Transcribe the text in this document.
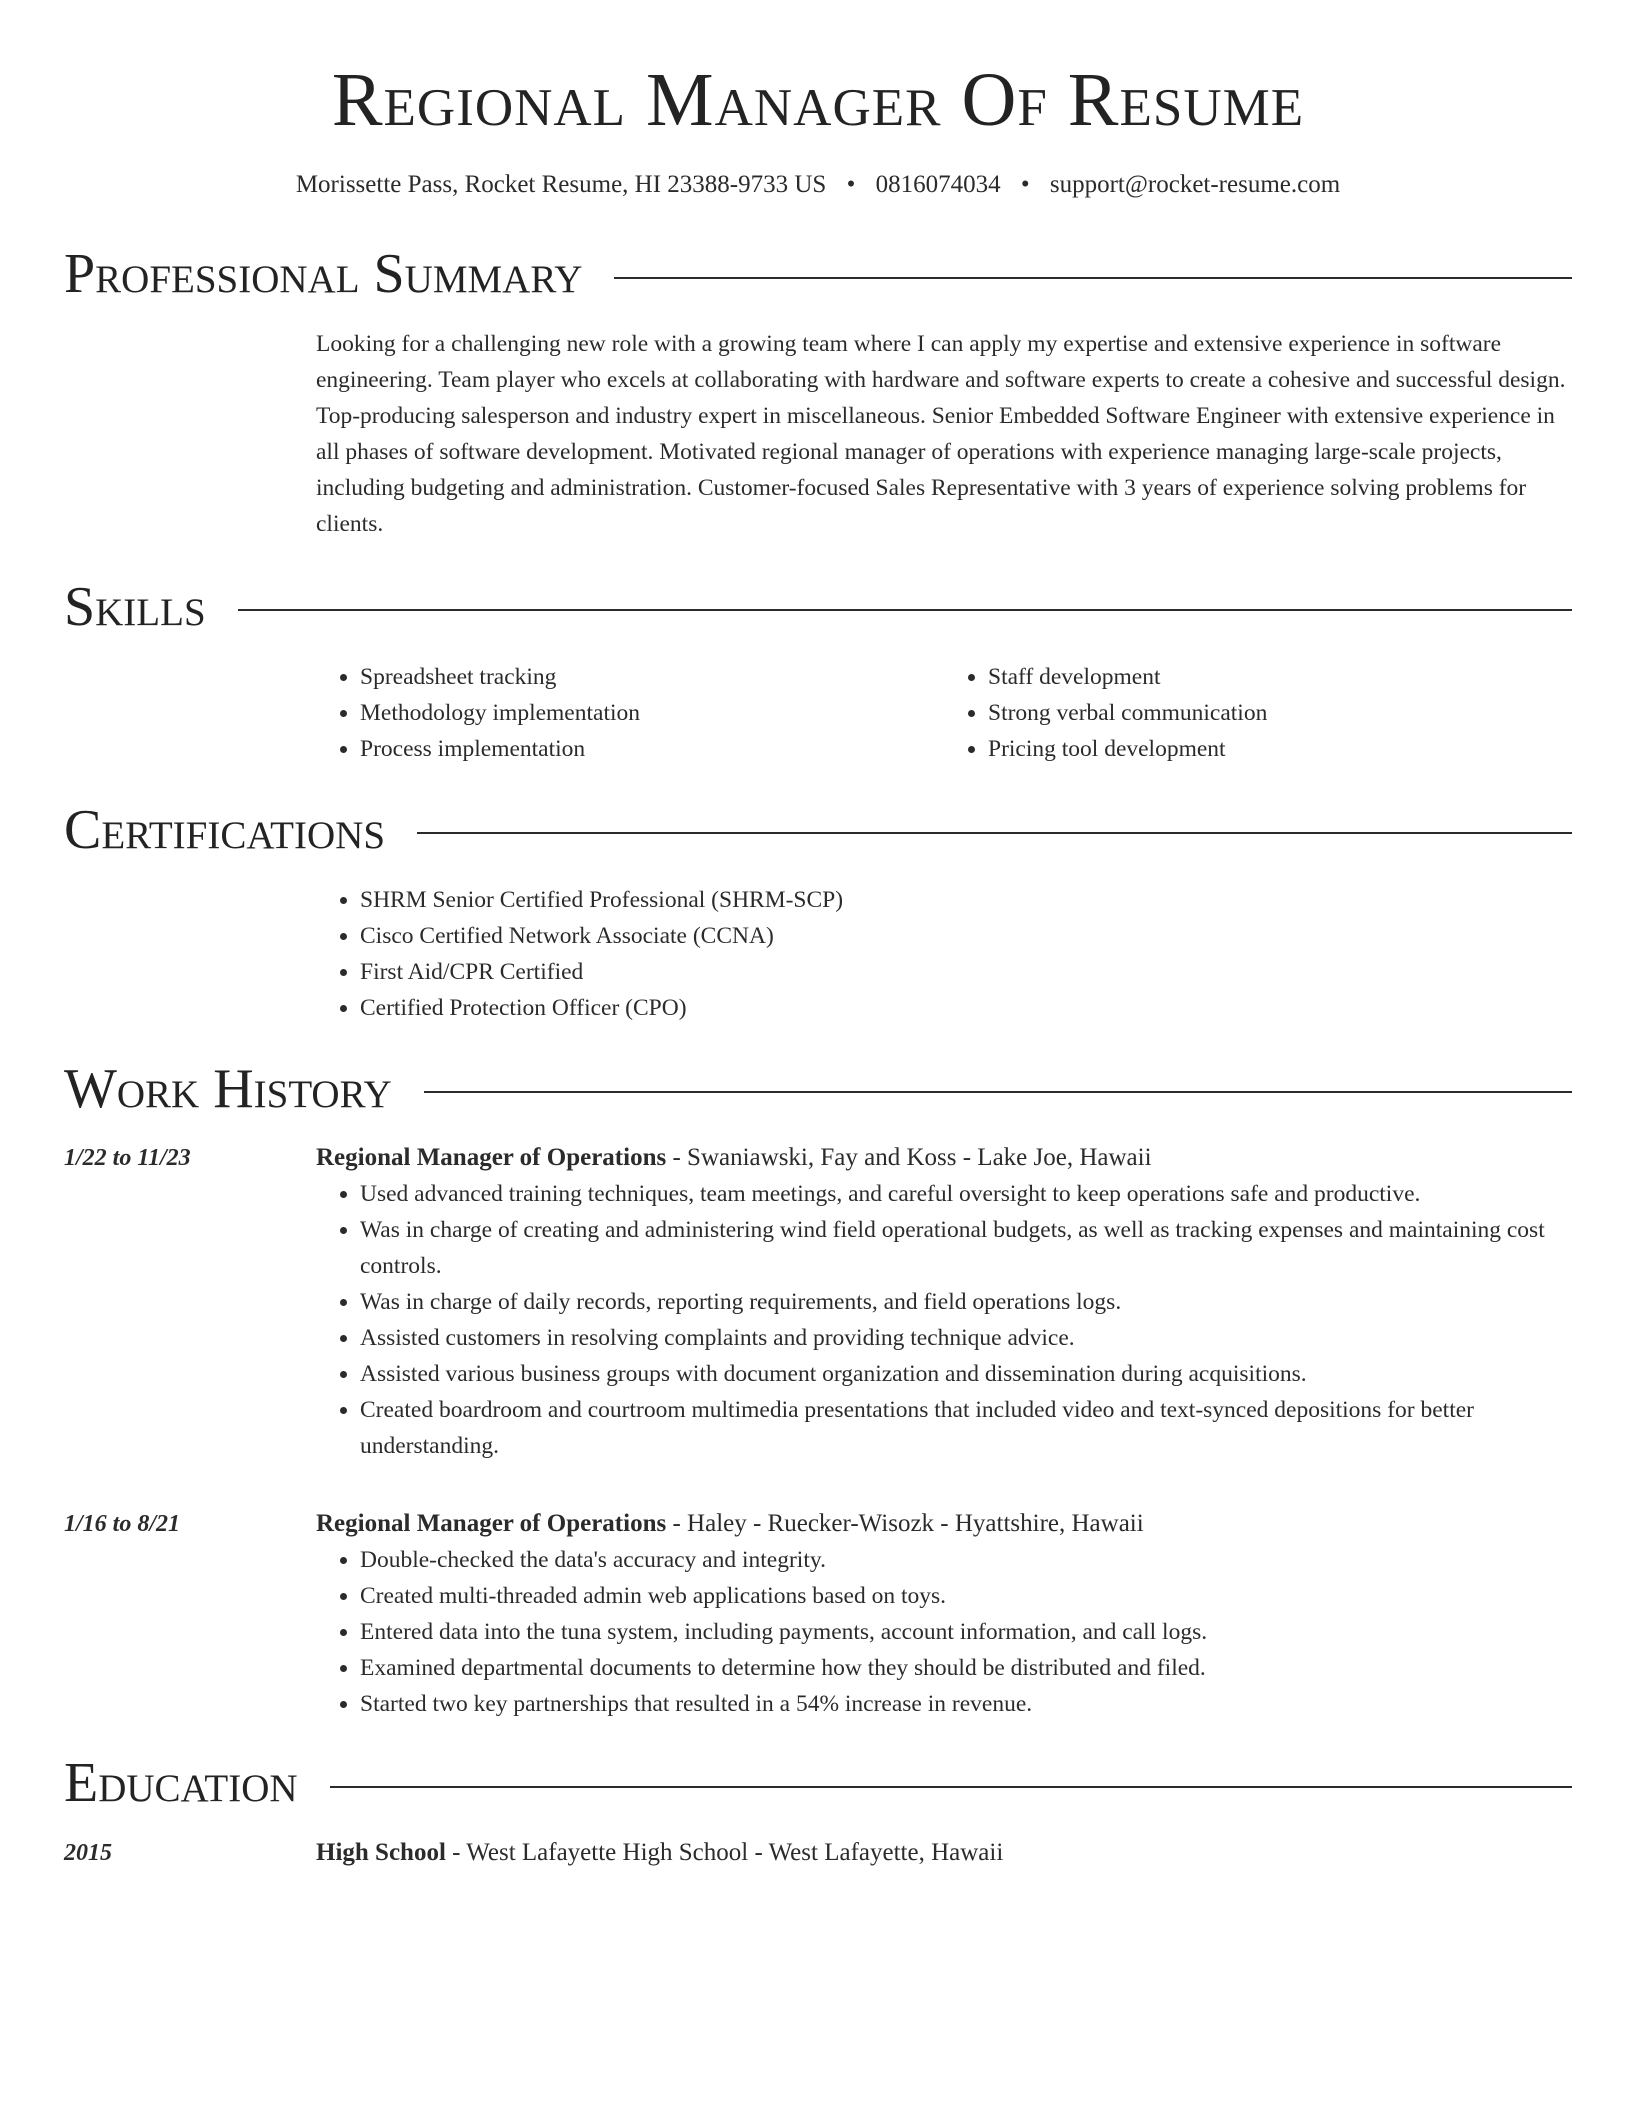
Regional Manager Of Resume
Morissette Pass, Rocket Resume, HI 23388-9733 US • 0816074034 • support@rocket-resume.com
Professional Summary
Looking for a challenging new role with a growing team where I can apply my expertise and extensive experience in software engineering. Team player who excels at collaborating with hardware and software experts to create a cohesive and successful design. Top-producing salesperson and industry expert in miscellaneous. Senior Embedded Software Engineer with extensive experience in all phases of software development. Motivated regional manager of operations with experience managing large-scale projects, including budgeting and administration. Customer-focused Sales Representative with 3 years of experience solving problems for clients.
Skills
• Spreadsheet tracking
• Methodology implementation
• Process implementation
• Staff development
• Strong verbal communication
• Pricing tool development
Certifications
• SHRM Senior Certified Professional (SHRM-SCP)
• Cisco Certified Network Associate (CCNA)
• First Aid/CPR Certified
• Certified Protection Officer (CPO)
Work History
1/22 to 11/23	Regional Manager of Operations - Swaniawski, Fay and Koss - Lake Joe, Hawaii
• Used advanced training techniques, team meetings, and careful oversight to keep operations safe and productive.
• Was in charge of creating and administering wind field operational budgets, as well as tracking expenses and maintaining cost controls.
• Was in charge of daily records, reporting requirements, and field operations logs.
• Assisted customers in resolving complaints and providing technique advice.
• Assisted various business groups with document organization and dissemination during acquisitions.
• Created boardroom and courtroom multimedia presentations that included video and text-synced depositions for better understanding.
1/16 to 8/21	Regional Manager of Operations - Haley - Ruecker-Wisozk - Hyattshire, Hawaii
• Double-checked the data's accuracy and integrity.
• Created multi-threaded admin web applications based on toys.
• Entered data into the tuna system, including payments, account information, and call logs.
• Examined departmental documents to determine how they should be distributed and filed.
• Started two key partnerships that resulted in a 54% increase in revenue.
Education
2015	High School - West Lafayette High School - West Lafayette, Hawaii
